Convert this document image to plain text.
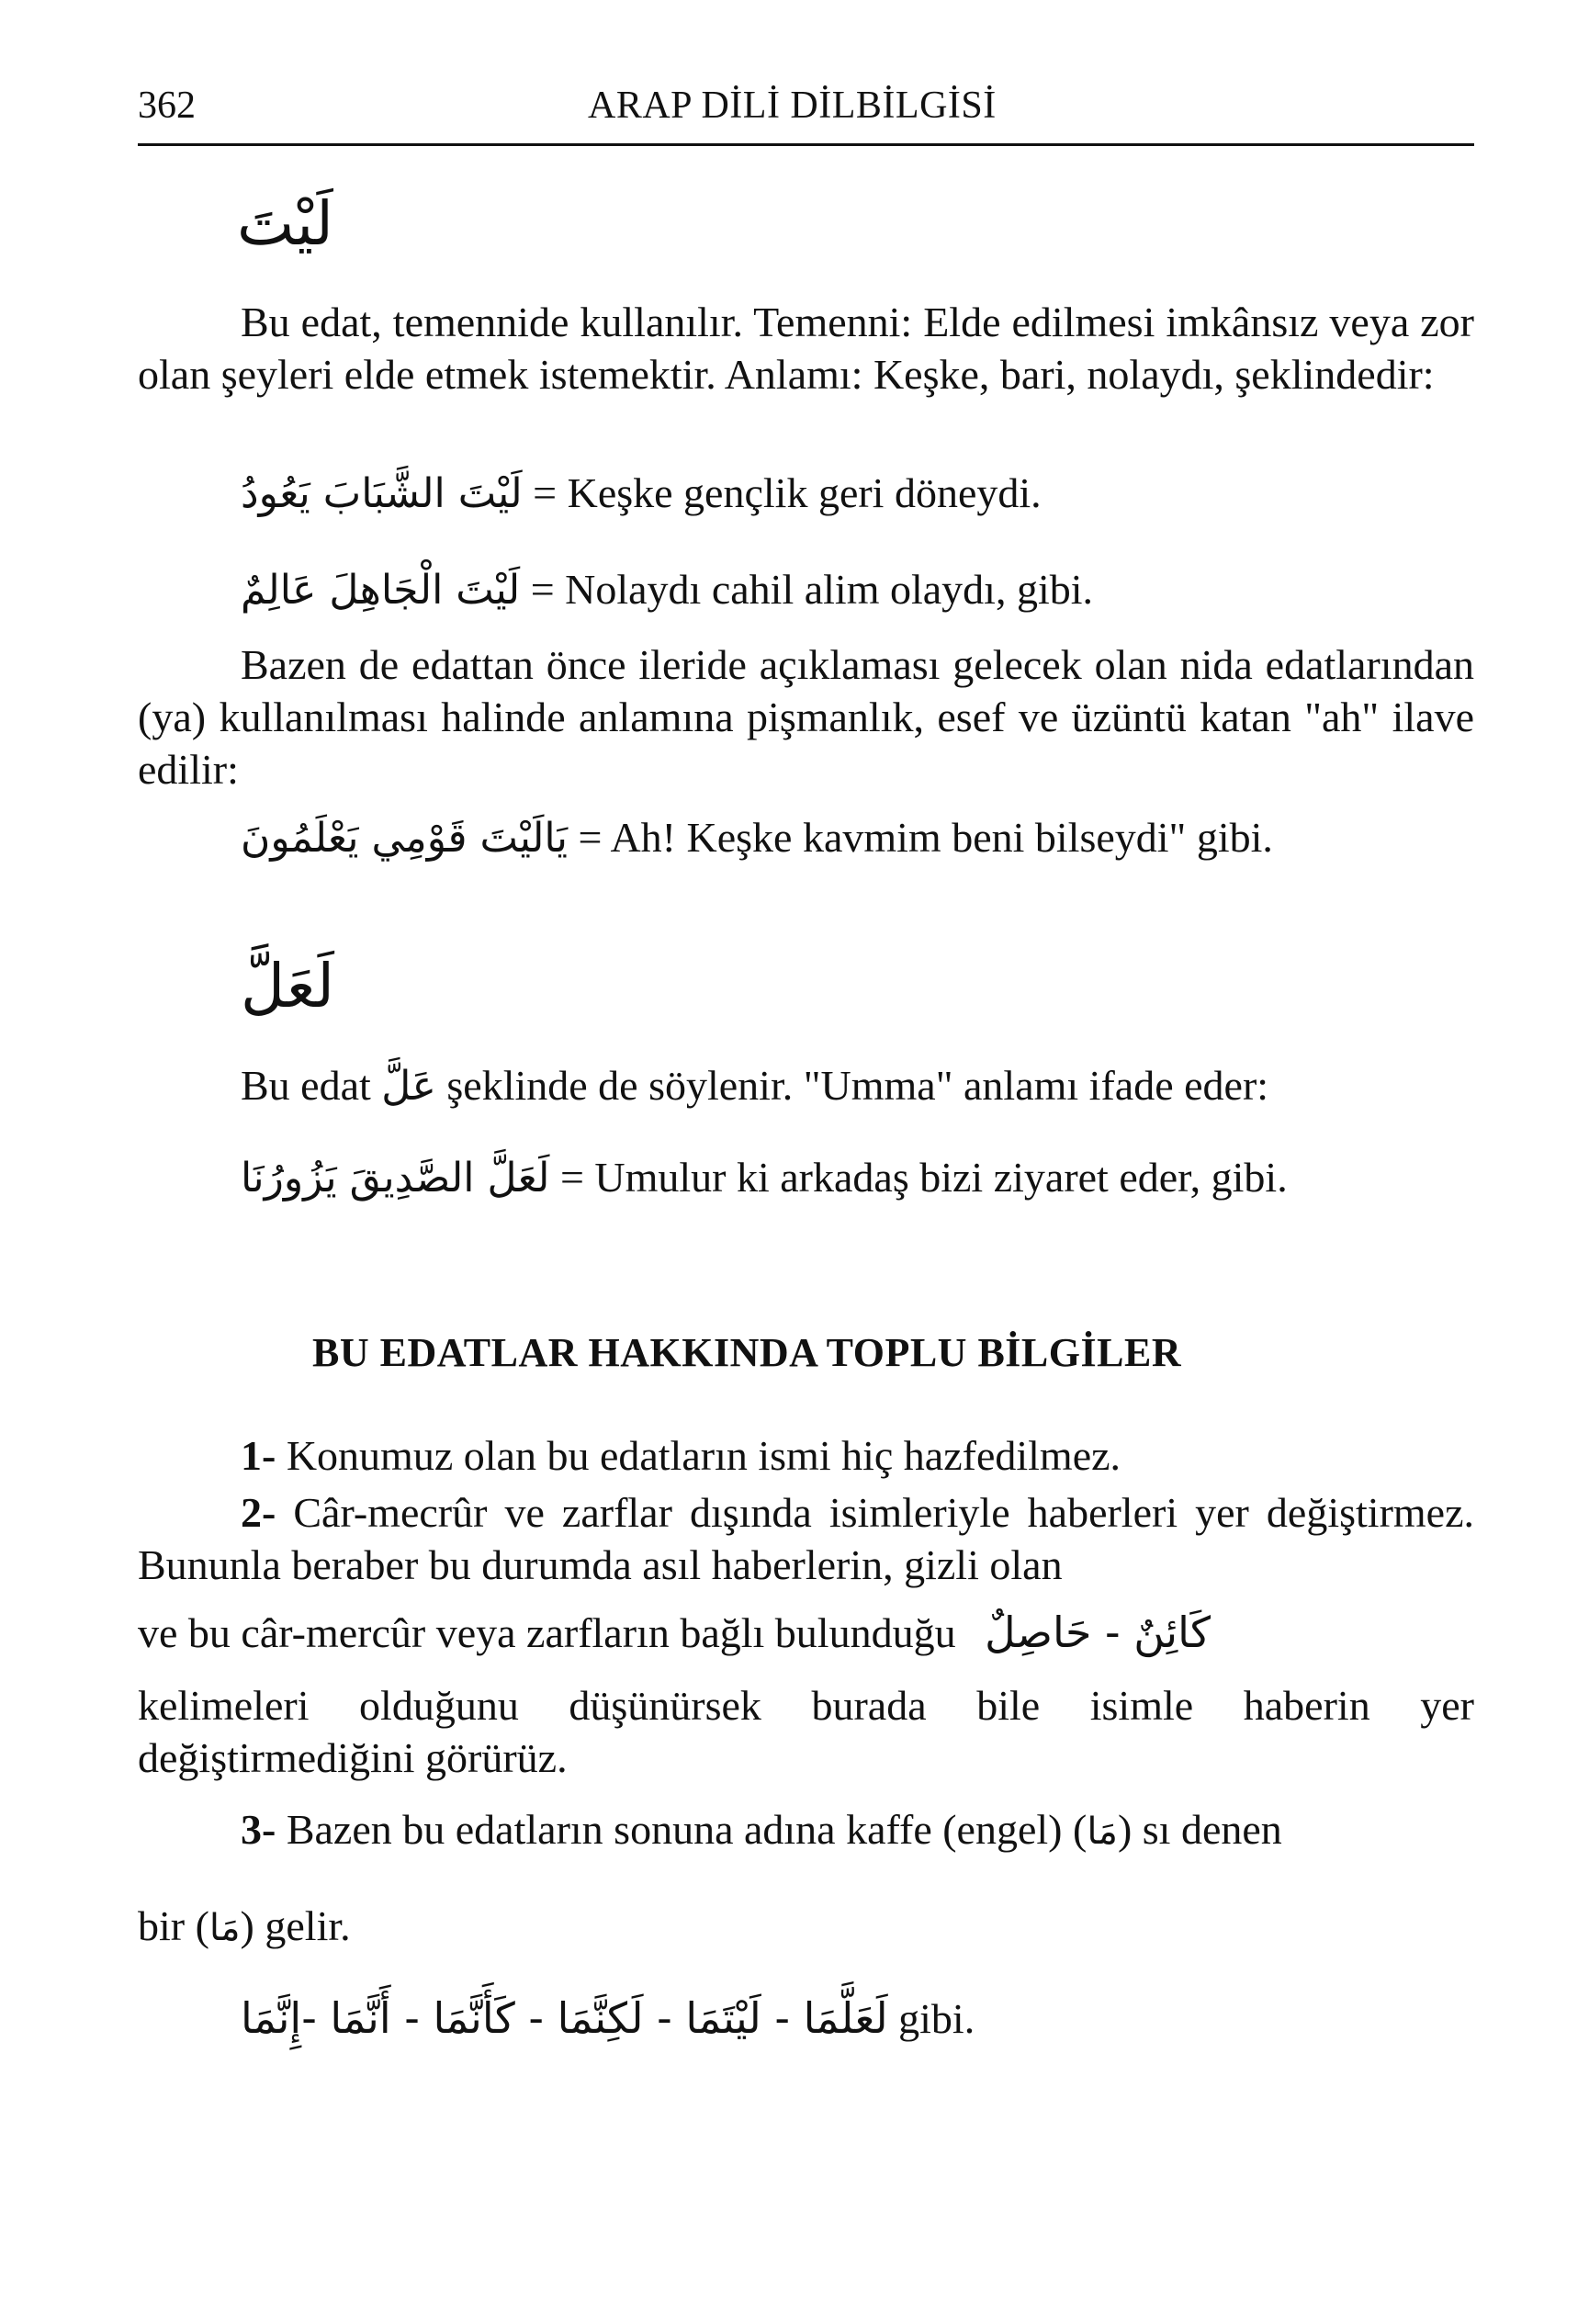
362	ARAP DİLİ DİLBİLGİSİ
لَيْتَ
Bu edat, temennide kullanılır. Temenni: Elde edilmesi imkânsız veya zor olan şeyleri elde etmek istemektir. Anlamı: Keşke, bari, nolaydı, şeklindedir:
لَيْتَ الشَّبَابَ يَعُودُ = Keşke gençlik geri döneydi.
لَيْتَ الْجَاهِلَ عَالِمٌ = Nolaydı cahil alim olaydı, gibi.
Bazen de edattan önce ileride açıklaması gelecek olan nida edatlarından (ya) kullanılması halinde anlamına pişmanlık, esef ve üzüntü katan "ah" ilave edilir:
يَالَيْتَ قَوْمِي يَعْلَمُونَ = Ah! Keşke kavmim beni bilseydi" gibi.
لَعَلَّ
Bu edat عَلَّ şeklinde de söylenir. "Umma" anlamı ifade eder:
لَعَلَّ الصَّدِيقَ يَزُورُنَا = Umulur ki arkadaş bizi ziyaret eder, gibi.
BU EDATLAR HAKKINDA TOPLU BİLGİLER
1- Konumuz olan bu edatların ismi hiç hazfedilmez.
2- Câr-mecrûr ve zarflar dışında isimleriyle haberleri yer değiştirmez. Bununla beraber bu durumda asıl haberlerin, gizli olan
ve bu câr-mercûr veya zarfların bağlı bulunduğu كَائِنٌ - حَاصِلٌ
kelimeleri olduğunu düşünürsek burada bile isimle haberin yer değiştirmediğini görürüz.
3- Bazen bu edatların sonuna adına kaffe (engel) (مَا) sı denen
bir (مَا) gelir.
لَعَلَّمَا - لَيْتَمَا - لَكِنَّمَا - كَأَنَّمَا - أَنَّمَا -إِنَّمَا gibi.
